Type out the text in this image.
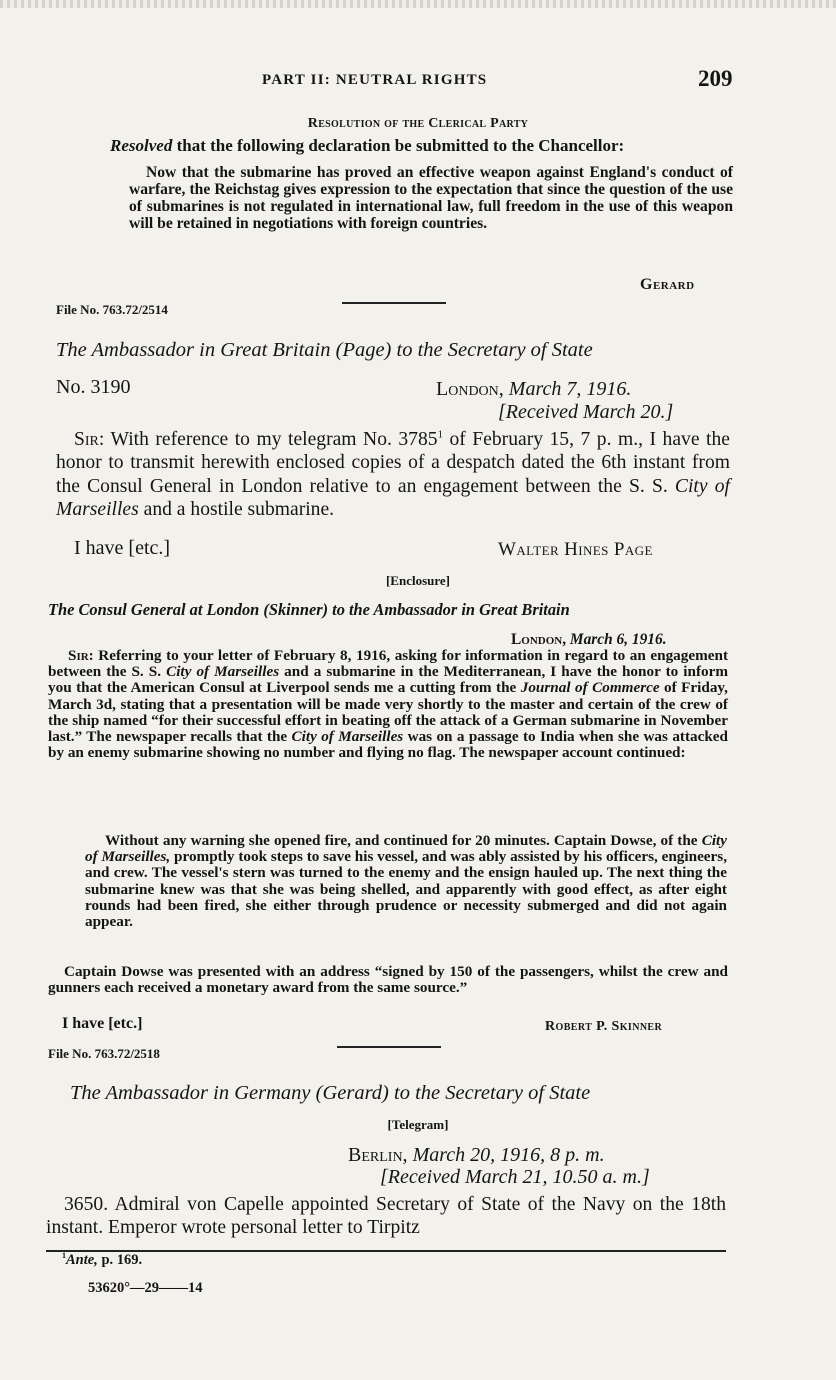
PART II: NEUTRAL RIGHTS	209
Resolution of the Clerical Party
Resolved that the following declaration be submitted to the Chancellor:
Now that the submarine has proved an effective weapon against England's conduct of warfare, the Reichstag gives expression to the expectation that since the question of the use of submarines is not regulated in international law, full freedom in the use of this weapon will be retained in negotiations with foreign countries.
Gerard
File No. 763.72/2514
The Ambassador in Great Britain (Page) to the Secretary of State
No. 3190	London, March 7, 1916.
[Received March 20.]
Sir: With reference to my telegram No. 3785$^1$ of February 15, 7 p. m., I have the honor to transmit herewith enclosed copies of a despatch dated the 6th instant from the Consul General in London relative to an engagement between the S. S. City of Marseilles and a hostile submarine.
I have [etc.]	Walter Hines Page
[Enclosure]
The Consul General at London (Skinner) to the Ambassador in Great Britain
London, March 6, 1916.
Sir: Referring to your letter of February 8, 1916, asking for information in regard to an engagement between the S. S. City of Marseilles and a submarine in the Mediterranean, I have the honor to inform you that the American Consul at Liverpool sends me a cutting from the Journal of Commerce of Friday, March 3d, stating that a presentation will be made very shortly to the master and certain of the crew of the ship named “for their successful effort in beating off the attack of a German submarine in November last.” The newspaper recalls that the City of Marseilles was on a passage to India when she was attacked by an enemy submarine showing no number and flying no flag. The newspaper account continued:
Without any warning she opened fire, and continued for 20 minutes. Captain Dowse, of the City of Marseilles, promptly took steps to save his vessel, and was ably assisted by his officers, engineers, and crew. The vessel's stern was turned to the enemy and the ensign hauled up. The next thing the submarine knew was that she was being shelled, and apparently with good effect, as after eight rounds had been fired, she either through prudence or necessity submerged and did not again appear.
Captain Dowse was presented with an address “signed by 150 of the passengers, whilst the crew and gunners each received a monetary award from the same source.”
I have [etc.]	Robert P. Skinner
File No. 763.72/2518
The Ambassador in Germany (Gerard) to the Secretary of State
[Telegram]
Berlin, March 20, 1916, 8 p. m.
[Received March 21, 10.50 a. m.]
3650. Admiral von Capelle appointed Secretary of State of the Navy on the 18th instant. Emperor wrote personal letter to Tirpitz
$^1$Ante, p. 169.
53620°—29——14
